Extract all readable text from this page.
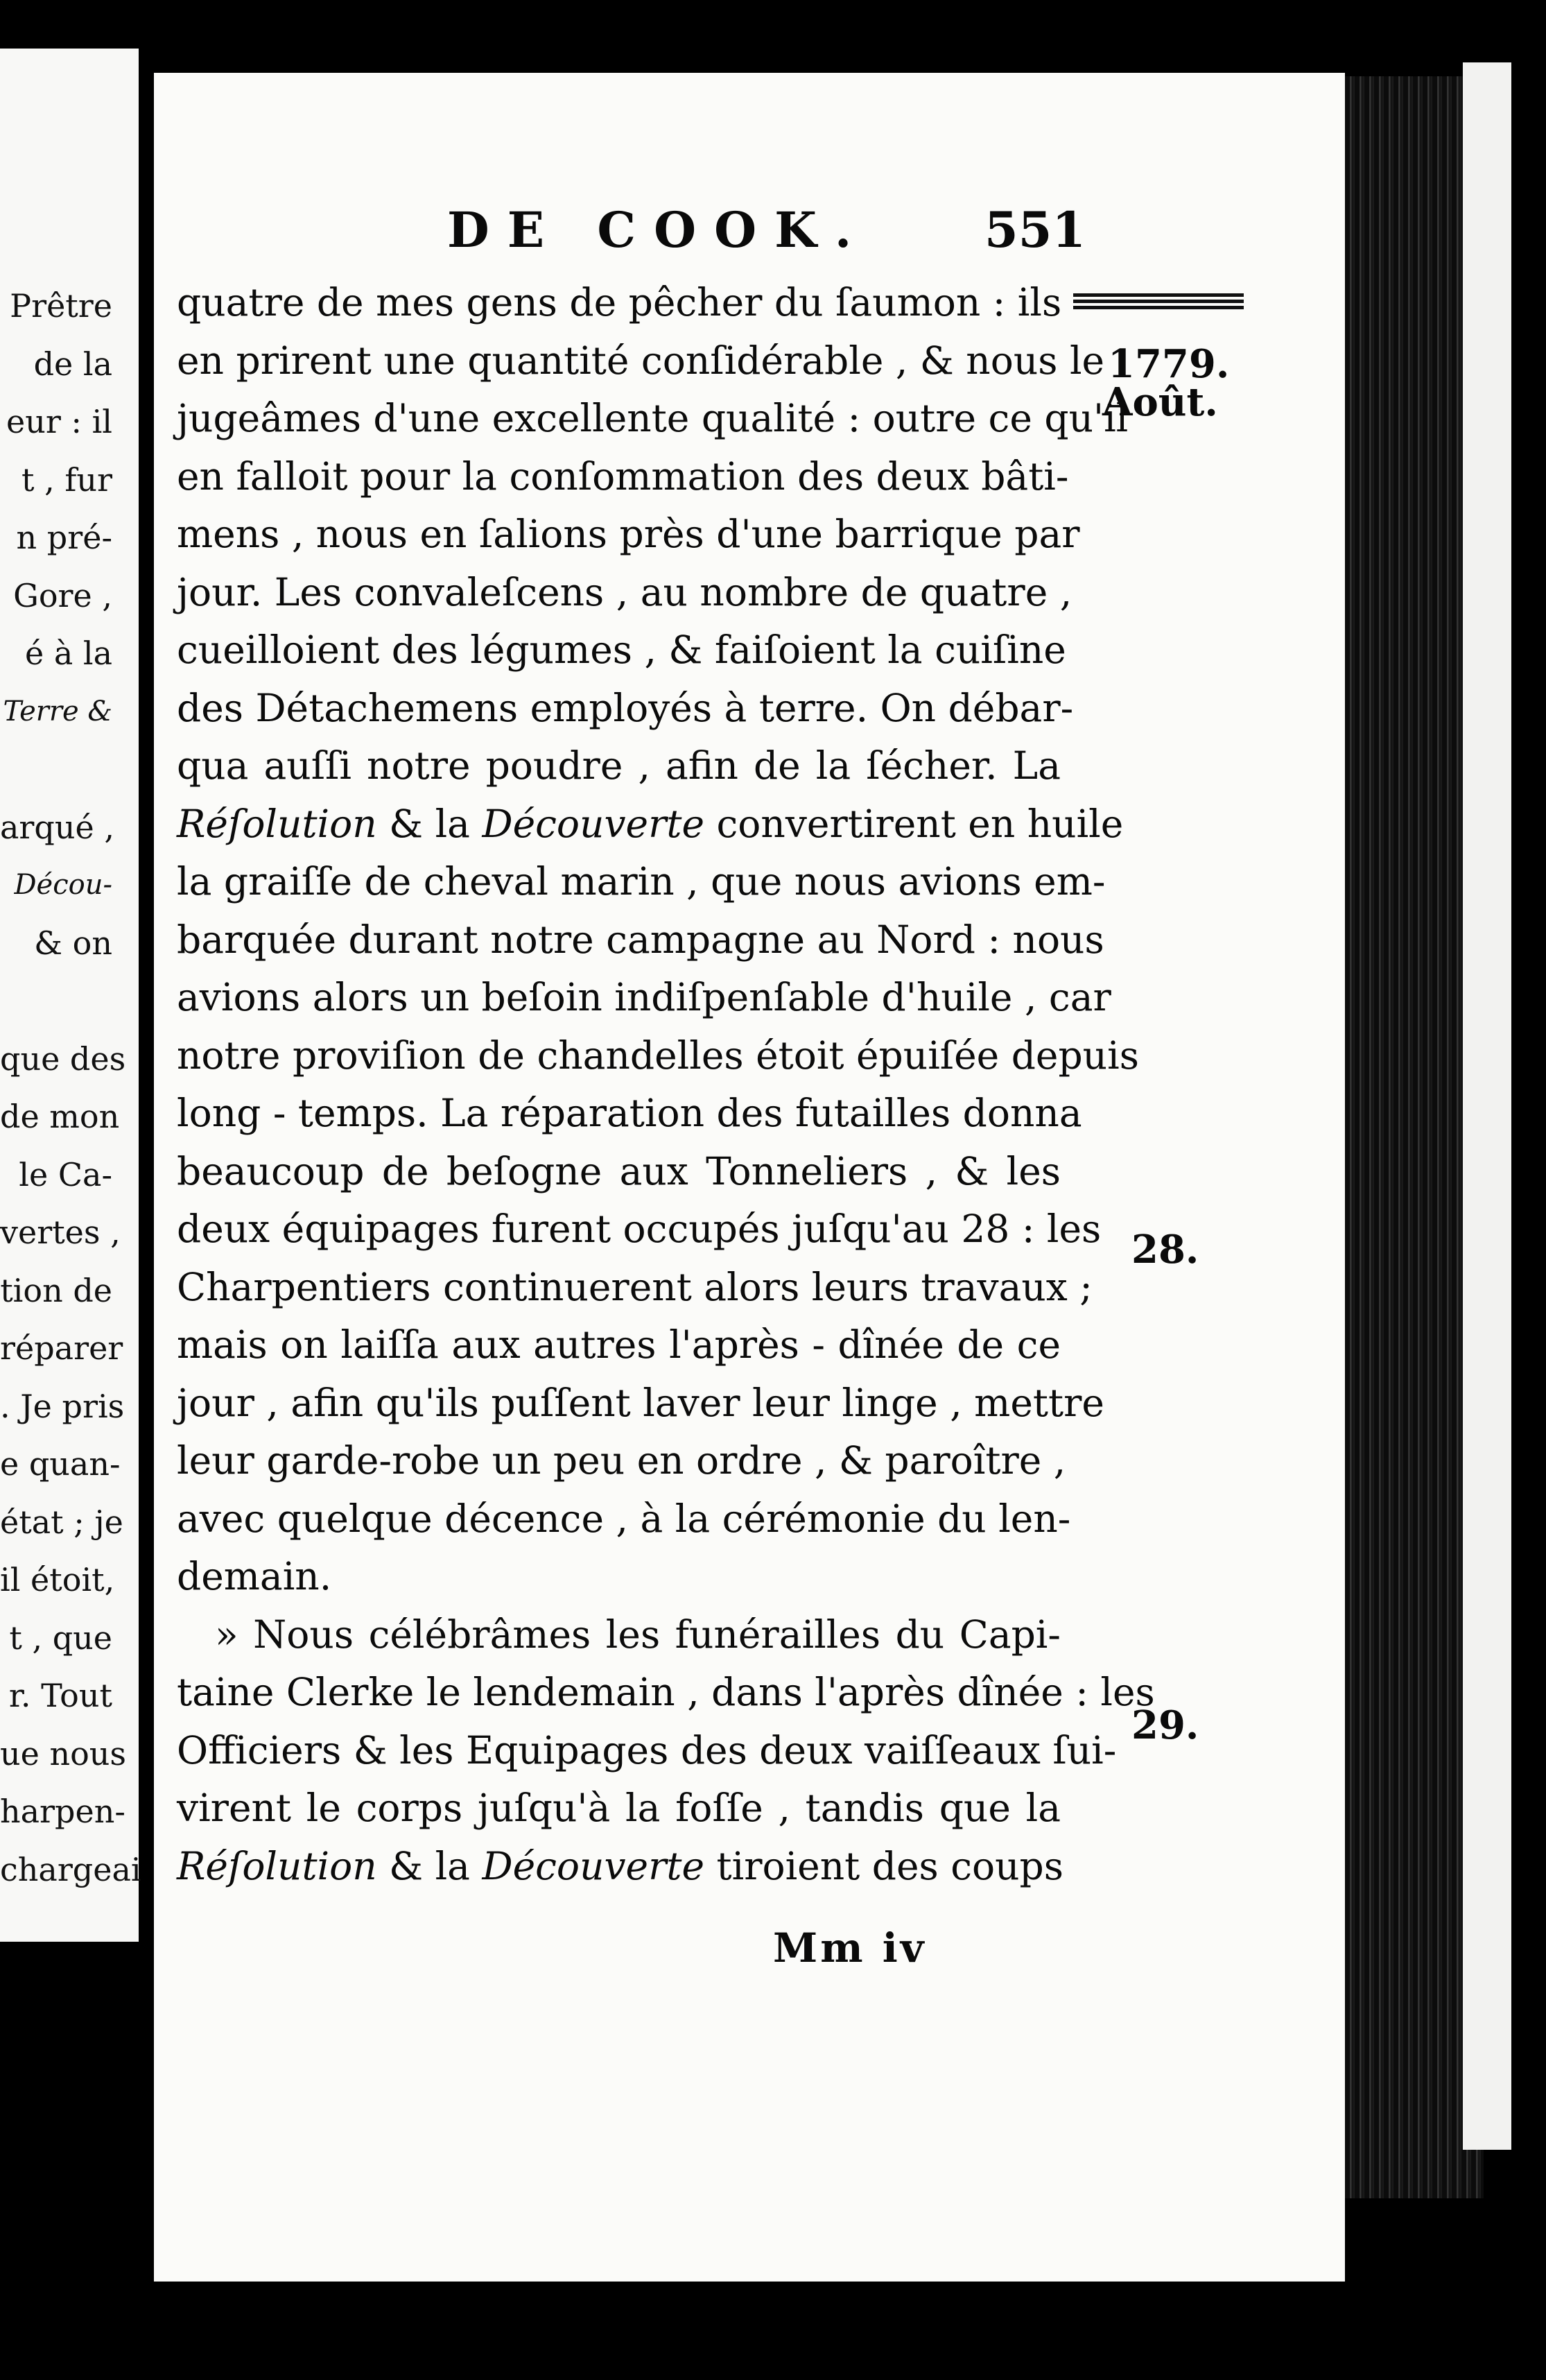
Prêtre

de la

eur : il

t , fur

n pré-

Gore ,

é à la

Terre &

arqué ,

Décou-

& on

que des

de mon

le Ca-

vertes ,

tion de

réparer

. Je pris

e quan-

état ; je

il étoit,

t , que

r. Tout

ue nous

harpen-

chargeai

DE COOK. 551
1779.
Août.
28.
29.
quatre de mes gens de pêcher du ſaumon : ils
en prirent une quantité conſidérable , & nous le
jugeâmes d'une excellente qualité : outre ce qu'il
en falloit pour la conſommation des deux bâti-
mens , nous en ſalions près d'une barrique par
jour. Les convaleſcens , au nombre de quatre ,
cueilloient des légumes , & faiſoient la cuiſine
des Détachemens employés à terre. On débar-
qua auſſi notre poudre , afin de la ſécher. La
Réſolution & la Découverte convertirent en huile
la graiſſe de cheval marin , que nous avions em-
barquée durant notre campagne au Nord : nous
avions alors un beſoin indiſpenſable d'huile , car
notre proviſion de chandelles étoit épuiſée depuis
long - temps. La réparation des futailles donna
beaucoup de beſogne aux Tonneliers , & les
deux équipages furent occupés juſqu'au 28 : les
Charpentiers continuerent alors leurs travaux ;
mais on laiſſa aux autres l'après - dînée de ce
jour , afin qu'ils puſſent laver leur linge , mettre
leur garde-robe un peu en ordre , & paroître ,
avec quelque décence , à la cérémonie du len-
demain.
» Nous célébrâmes les funérailles du Capi-
taine Clerke le lendemain , dans l'après dînée : les
Officiers & les Equipages des deux vaiſſeaux ſui-
virent le corps juſqu'à la foſſe , tandis que la
Réſolution & la Découverte tiroient des coups
Mm iv
